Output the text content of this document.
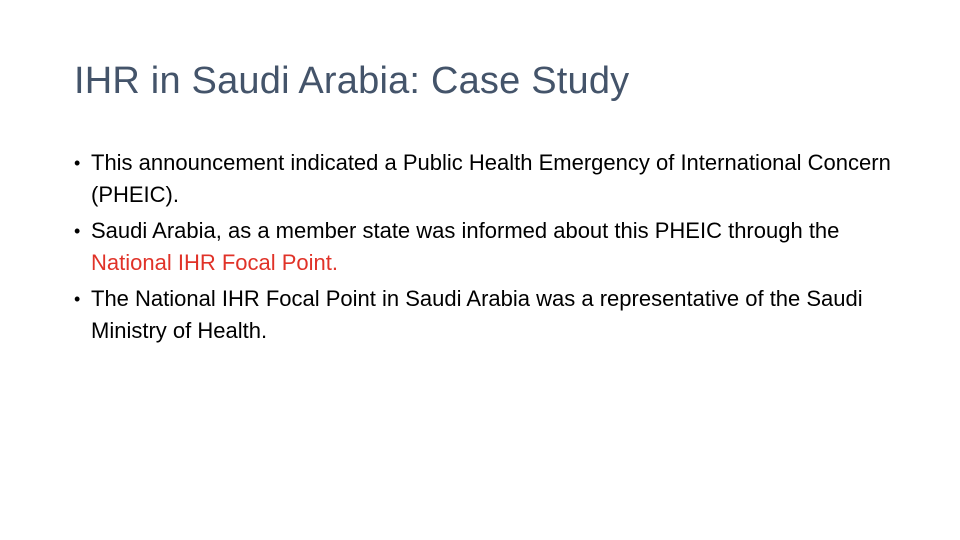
IHR in Saudi Arabia: Case Study
• This announcement indicated a Public Health Emergency of International Concern (PHEIC).
• Saudi Arabia, as a member state was informed about this PHEIC through the National IHR Focal Point.
• The National IHR Focal Point in Saudi Arabia was a representative of the Saudi Ministry of Health.
